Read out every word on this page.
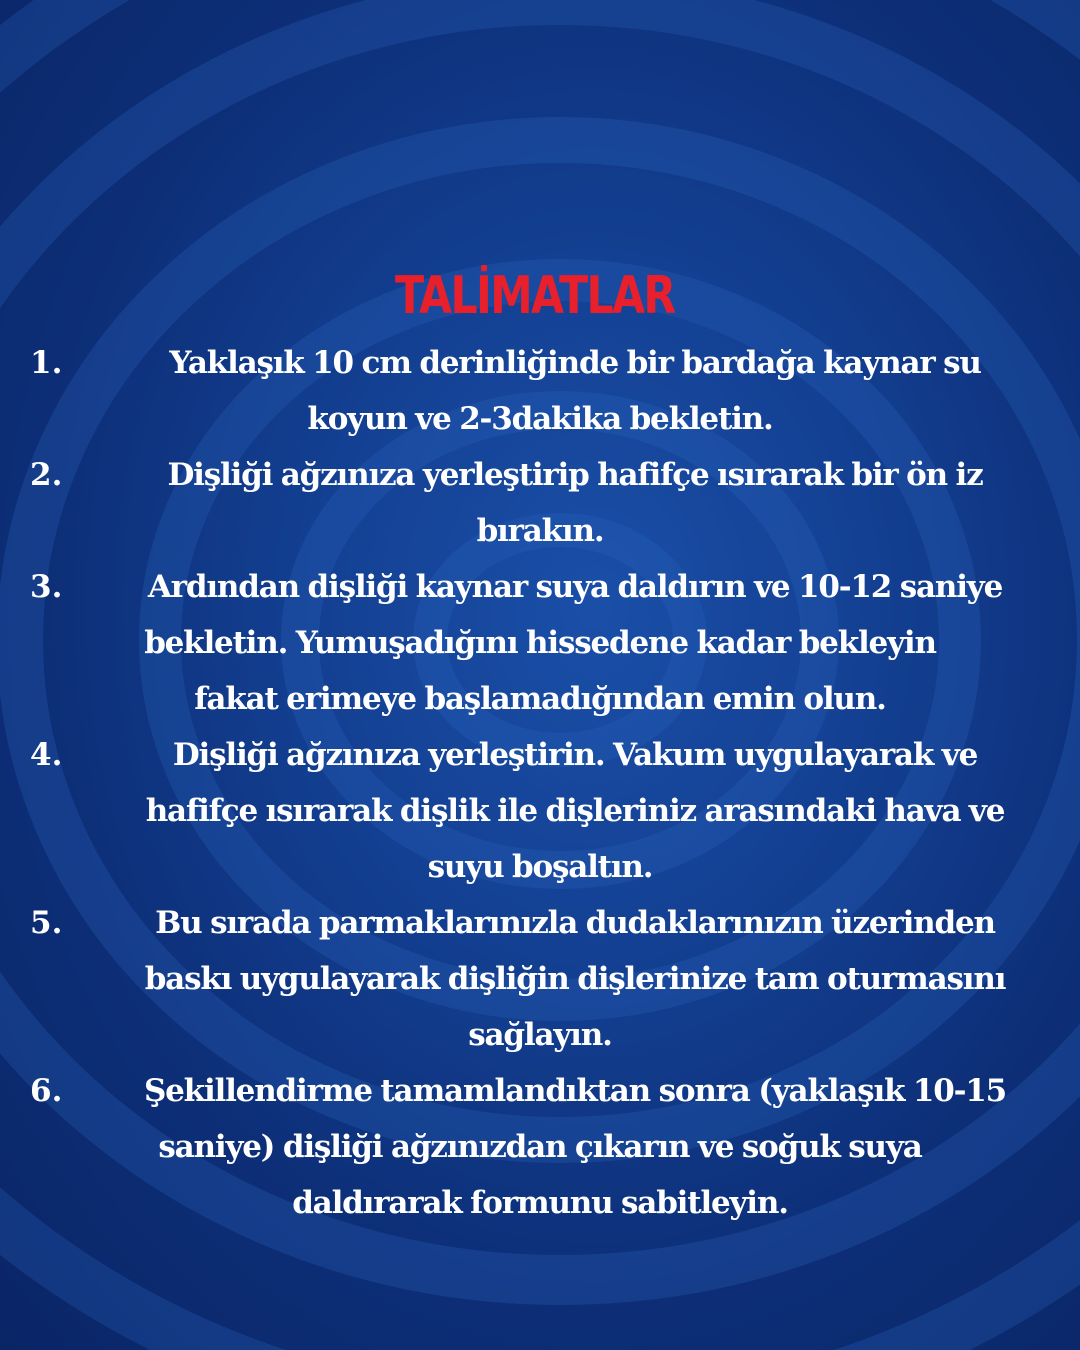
TALİMATLAR
1.	Yaklaşık 10 cm derinliğinde bir bardağa kaynar su
koyun ve 2-3dakika bekletin.
2.	Dişliği ağzınıza yerleştirip hafifçe ısırarak bir ön iz
bırakın.
3.	Ardından dişliği kaynar suya daldırın ve 10-12 saniye
bekletin. Yumuşadığını hissedene kadar bekleyin
fakat erimeye başlamadığından emin olun.
4.	Dişliği ağzınıza yerleştirin. Vakum uygulayarak ve
hafifçe ısırarak dişlik ile dişleriniz arasındaki hava ve
suyu boşaltın.
5.	Bu sırada parmaklarınızla dudaklarınızın üzerinden
baskı uygulayarak dişliğin dişlerinize tam oturmasını
sağlayın.
6.	Şekillendirme tamamlandıktan sonra (yaklaşık 10-15
saniye) dişliği ağzınızdan çıkarın ve soğuk suya
daldırarak formunu sabitleyin.
